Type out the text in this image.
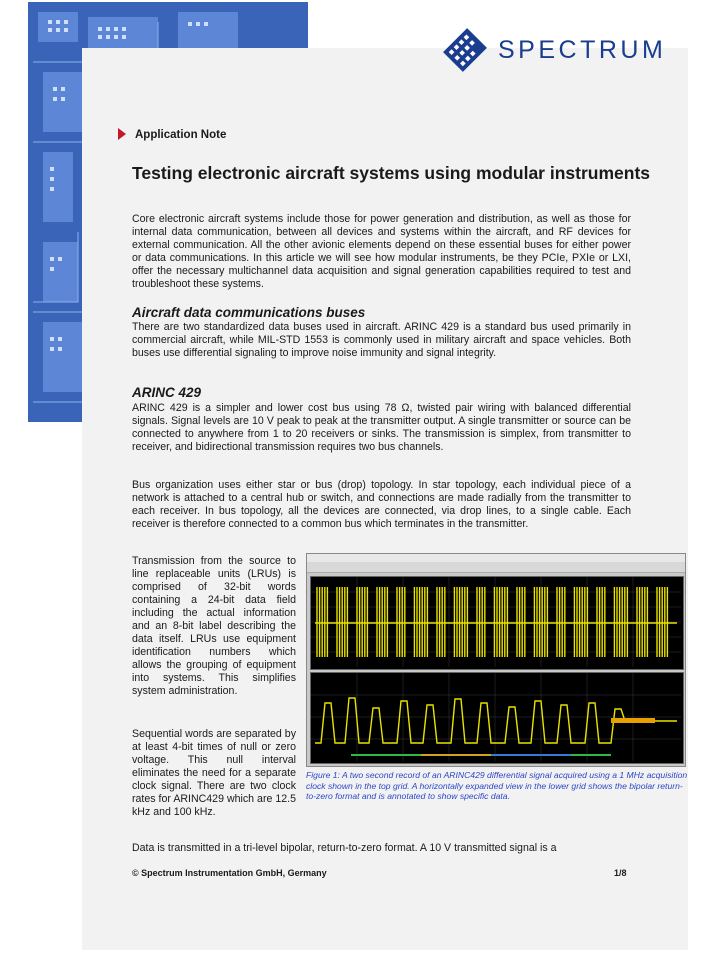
SPECTRUM
Application Note
Testing electronic aircraft systems using modular instruments
Core electronic aircraft systems include those for power generation and distribution, as well as those for internal data communication, between all devices and systems within the aircraft, and RF devices for external communication. All the other avionic elements depend on these essential buses for either power or data communications. In this article we will see how modular instruments, be they PCIe, PXIe or LXI, offer the necessary multichannel data acquisition and signal generation capabilities required to test and troubleshoot these systems.
Aircraft data communications buses
There are two standardized data buses used in aircraft. ARINC 429 is a standard bus used primarily in commercial aircraft, while MIL-STD 1553 is commonly used in military aircraft and space vehicles. Both buses use differential signaling to improve noise immunity and signal integrity.
ARINC 429
ARINC 429 is a simpler and lower cost bus using 78 Ω, twisted pair wiring with balanced differential signals. Signal levels are 10 V peak to peak at the transmitter output. A single transmitter or source can be connected to anywhere from 1 to 20 receivers or sinks. The transmission is simplex, from transmitter to receiver, and bidirectional transmission requires two bus channels.
Bus organization uses either star or bus (drop) topology. In star topology, each individual piece of a network is attached to a central hub or switch, and connections are made radially from the transmitter to each receiver. In bus topology, all the devices are connected, via drop lines, to a single cable. Each receiver is therefore connected to a common bus which terminates in the transmitter.
Transmission from the source to line replaceable units (LRUs) is comprised of 32-bit words containing a 24-bit data field including the actual information and an 8-bit label describing the data itself. LRUs use equipment identification numbers which allows the grouping of equipment into systems. This simplifies system administration.
Sequential words are separated by at least 4-bit times of null or zero voltage. This null interval eliminates the need for a separate clock signal. There are two clock rates for ARINC429 which are 12.5 kHz and 100 kHz.
Figure 1: A two second record of an ARINC429 differential signal acquired using a 1 MHz acquisition clock shown in the top grid. A horizontally expanded view in the lower grid shows the bipolar return-to-zero format and is annotated to show specific data.
Data is transmitted in a tri-level bipolar, return-to-zero format. A 10 V transmitted signal is a
© Spectrum Instrumentation GmbH, Germany	1/8
